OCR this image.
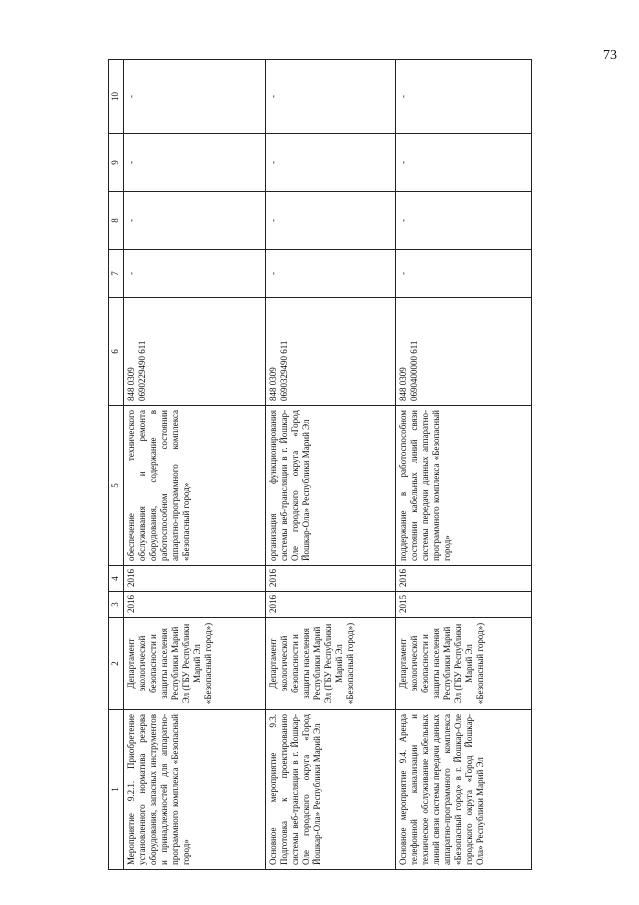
73
1	2	3	4	5	6	7	8	9	10
Мероприятие 9.2.1. Приобретение установленного норматива резерва оборудования, запасных инструментов и принадлежностей для аппаратно-программного комплекса «Безопасный город»	Департамент экологической безопасности и защиты населения Республики Марий Эл (ГБУ Республики Марий Эл «Безопасный город»)	2016	2016	обеспечение технического обслуживания и ремонта оборудования, содержание в работоспособном состоянии аппаратно-программного комплекса «Безопасный город»	848 0309 0690229490 611	-	-	-	-
Основное мероприятие 9.3. Подготовка к проектированию системы веб-трансляции в г. Йошкар-Оле городского округа «Город Йошкар-Ола» Республики Марий Эл	Департамент экологической безопасности и защиты населения Республики Марий Эл (ГБУ Республики Марий Эл «Безопасный город»)	2016	2016	организация функционирования системы веб-трансляции в г. Йошкар-Оле городского округа «Город Йошкар-Ола» Республики Марий Эл	848 0309 0690329490 611	-	-	-	-
Основное мероприятие 9.4. Аренда телефонной канализации и техническое обслуживание кабельных линий связи системы передачи данных аппаратно-программного комплекса «Безопасный город» в г. Йошкар-Оле городского округа «Город Йошкар-Ола» Республики Марий Эл	Департамент экологической безопасности и защиты населения Республики Марий Эл (ГБУ Республики Марий Эл «Безопасный город»)	2015	2016	поддержание в работоспособном состоянии кабельных линий связи системы передачи данных аппаратно-программного комплекса «Безопасный город»	848 0309 0690400000 611	-	-	-	-
